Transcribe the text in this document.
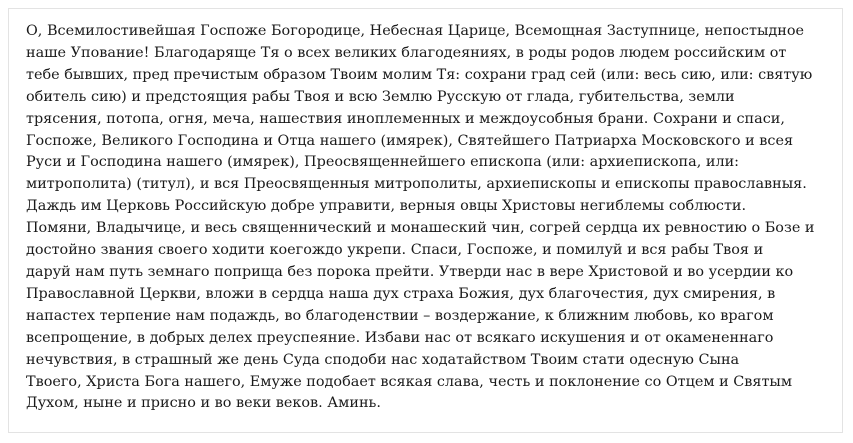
О, Всемилостивейшая Госпоже Богородице, Небесная Царице, Всемощная Заступнице, непостыдное
наше Упование! Благодаряще Тя о всех великих благодеяниях, в роды родов людем российским от
тебе бывших, пред пречистым образом Твоим молим Тя: сохрани град сей (или: весь сию, или: святую
обитель сию) и предстоящия рабы Твоя и всю Землю Русскую от глада, губительства, земли
трясения, потопа, огня, меча, нашествия иноплеменных и междоусобныя брани. Сохрани и спаси,
Госпоже, Великого Господина и Отца нашего (имярек), Святейшего Патриарха Московского и всея
Руси и Господина нашего (имярек), Преосвященнейшего епископа (или: архиепископа, или:
митрополита) (титул), и вся Преосвященныя митрополиты, архиепископы и епископы православныя.
Даждь им Церковь Российскую добре управити, верныя овцы Христовы негиблемы соблюсти.
Помяни, Владычице, и весь священнический и монашеский чин, согрей сердца их ревностию о Бозе и
достойно звания своего ходити коегождо укрепи. Спаси, Госпоже, и помилуй и вся рабы Твоя и
даруй нам путь земнаго поприща без порока прейти. Утверди нас в вере Христовой и во усердии ко
Православной Церкви, вложи в сердца наша дух страха Божия, дух благочестия, дух смирения, в
напастех терпение нам подаждь, во благоденствии – воздержание, к ближним любовь, ко врагом
всепрощение, в добрых делех преуспеяние. Избави нас от всякаго искушения и от окамененнаго
нечувствия, в страшный же день Суда сподоби нас ходатайством Твоим стати одесную Сына
Твоего, Христа Бога нашего, Емуже подобает всякая слава, честь и поклонение со Отцем и Святым
Духом, ныне и присно и во веки веков. Аминь.
